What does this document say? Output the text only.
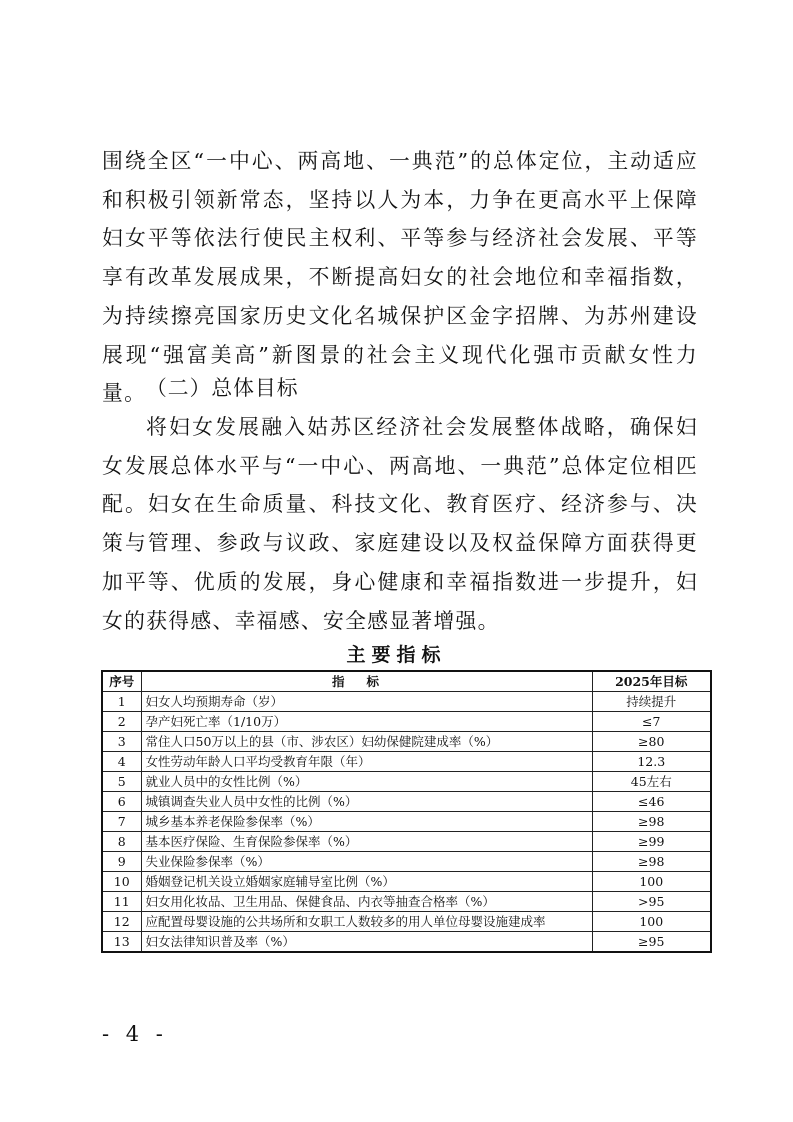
围绕全区“一中心、两高地、一典范”的总体定位，主动适应和积极引领新常态，坚持以人为本，力争在更高水平上保障妇女平等依法行使民主权利、平等参与经济社会发展、平等享有改革发展成果，不断提高妇女的社会地位和幸福指数，为持续擦亮国家历史文化名城保护区金字招牌、为苏州建设展现“强富美高”新图景的社会主义现代化强市贡献女性力量。 （二）总体目标

将妇女发展融入姑苏区经济社会发展整体战略，确保妇女发展总体水平与“一中心、两高地、一典范”总体定位相匹配。妇女在生命质量、科技文化、教育医疗、经济参与、决策与管理、参政与议政、家庭建设以及权益保障方面获得更加平等、优质的发展，身心健康和幸福指数进一步提升，妇女的获得感、幸福感、安全感显著增强。

主要指标

序号	指标	2025年目标
1	妇女人均预期寿命（岁）	持续提升
2	孕产妇死亡率（1/10万）	≤7
3	常住人口50万以上的县（市、涉农区）妇幼保健院建成率（%）	≥80
4	女性劳动年龄人口平均受教育年限（年）	12.3
5	就业人员中的女性比例（%）	45左右
6	城镇调查失业人员中女性的比例（%）	≤46
7	城乡基本养老保险参保率（%）	≥98
8	基本医疗保险、生育保险参保率（%）	≥99
9	失业保险参保率（%）	≥98
10	婚姻登记机关设立婚姻家庭辅导室比例（%）	100
11	妇女用化妆品、卫生用品、保健食品、内衣等抽查合格率（%）	>95
12	应配置母婴设施的公共场所和女职工人数较多的用人单位母婴设施建成率	100
13	妇女法律知识普及率（%）	≥95

- 4 -
